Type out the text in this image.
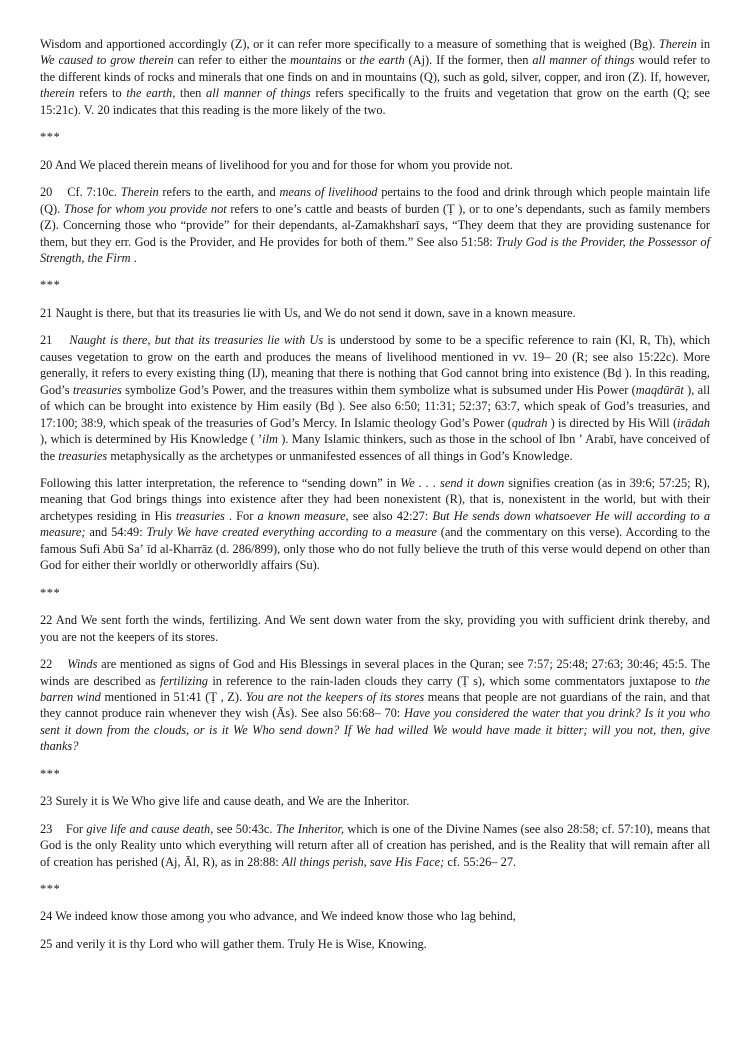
Wisdom and apportioned accordingly (Z), or it can refer more specifically to a measure of something that is weighed (Bg). Therein in We caused to grow therein can refer to either the mountains or the earth (Aj). If the former, then all manner of things would refer to the different kinds of rocks and minerals that one finds on and in mountains (Q), such as gold, silver, copper, and iron (Z). If, however, therein refers to the earth, then all manner of things refers specifically to the fruits and vegetation that grow on the earth (Q; see 15:21c). V. 20 indicates that this reading is the more likely of the two.
***
20 And We placed therein means of livelihood for you and for those for whom you provide not.
20    Cf. 7:10c. Therein refers to the earth, and means of livelihood pertains to the food and drink through which people maintain life (Q). Those for whom you provide not refers to one’s cattle and beasts of burden (Ṭ ), or to one’s dependants, such as family members (Z). Concerning those who “provide” for their dependants, al-Zamakhsharī says, “They deem that they are providing sustenance for them, but they err. God is the Provider, and He provides for both of them.” See also 51:58: Truly God is the Provider, the Possessor of Strength, the Firm .
***
21 Naught is there, but that its treasuries lie with Us, and We do not send it down, save in a known measure.
21    Naught is there, but that its treasuries lie with Us is understood by some to be a specific reference to rain (Kl, R, Th), which causes vegetation to grow on the earth and produces the means of livelihood mentioned in vv. 19– 20 (R; see also 15:22c). More generally, it refers to every existing thing (IJ), meaning that there is nothing that God cannot bring into existence (Bḍ ). In this reading, God’s treasuries symbolize God’s Power, and the treasures within them symbolize what is subsumed under His Power (maqdūrāt ), all of which can be brought into existence by Him easily (Bḍ ). See also 6:50; 11:31; 52:37; 63:7, which speak of God’s treasuries, and 17:100; 38:9, which speak of the treasuries of God’s Mercy. In Islamic theology God’s Power (qudrah ) is directed by His Will (irādah ), which is determined by His Knowledge ( ʼilm ). Many Islamic thinkers, such as those in the school of Ibn ʼ Arabī, have conceived of the treasuries metaphysically as the archetypes or unmanifested essences of all things in God’s Knowledge.
Following this latter interpretation, the reference to “sending down” in We . . . send it down signifies creation (as in 39:6; 57:25; R), meaning that God brings things into existence after they had been nonexistent (R), that is, nonexistent in the world, but with their archetypes residing in His treasuries . For a known measure, see also 42:27: But He sends down whatsoever He will according to a measure; and 54:49: Truly We have created everything according to a measure (and the commentary on this verse). According to the famous Sufi Abū Saʼ īd al-Kharrāz (d. 286/899), only those who do not fully believe the truth of this verse would depend on other than God for either their worldly or otherworldly affairs (Su).
***
22 And We sent forth the winds, fertilizing. And We sent down water from the sky, providing you with sufficient drink thereby, and you are not the keepers of its stores.
22    Winds are mentioned as signs of God and His Blessings in several places in the Quran; see 7:57; 25:48; 27:63; 30:46; 45:5. The winds are described as fertilizing in reference to the rain-laden clouds they carry (Ṭ s), which some commentators juxtapose to the barren wind mentioned in 51:41 (Ṭ , Z). You are not the keepers of its stores means that people are not guardians of the rain, and that they cannot produce rain whenever they wish (Ās). See also 56:68– 70: Have you considered the water that you drink? Is it you who sent it down from the clouds, or is it We Who send down? If We had willed We would have made it bitter; will you not, then, give thanks?
***
23 Surely it is We Who give life and cause death, and We are the Inheritor.
23    For give life and cause death, see 50:43c. The Inheritor, which is one of the Divine Names (see also 28:58; cf. 57:10), means that God is the only Reality unto which everything will return after all of creation has perished, and is the Reality that will remain after all of creation has perished (Aj, Āl, R), as in 28:88: All things perish, save His Face; cf. 55:26– 27.
***
24 We indeed know those among you who advance, and We indeed know those who lag behind,
25 and verily it is thy Lord who will gather them. Truly He is Wise, Knowing.
